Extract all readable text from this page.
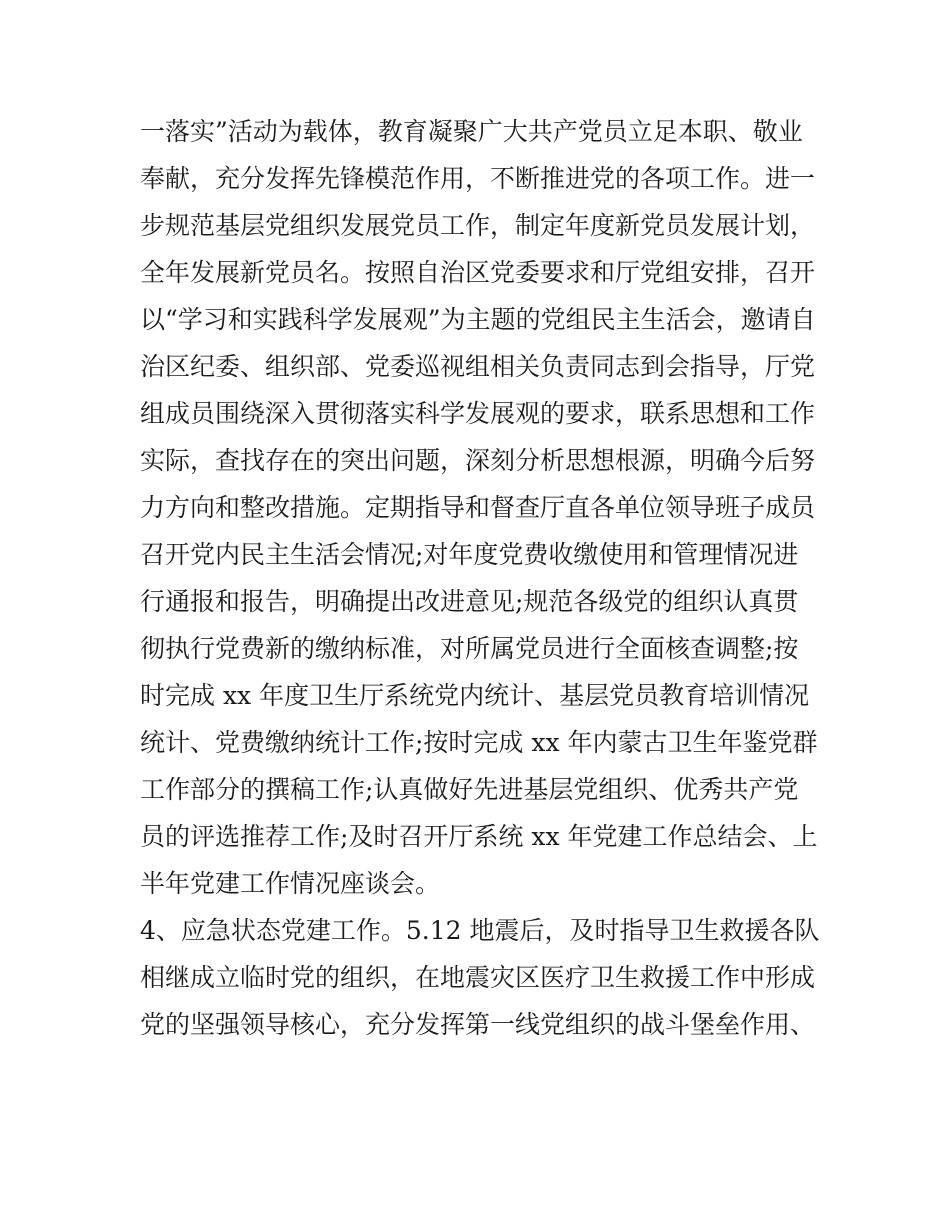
一落实”活动为载体，教育凝聚广大共产党员立足本职、敬业
奉献，充分发挥先锋模范作用，不断推进党的各项工作。进一
步规范基层党组织发展党员工作，制定年度新党员发展计划，
全年发展新党员名。按照自治区党委要求和厅党组安排，召开
以“学习和实践科学发展观”为主题的党组民主生活会，邀请自
治区纪委、组织部、党委巡视组相关负责同志到会指导，厅党
组成员围绕深入贯彻落实科学发展观的要求，联系思想和工作
实际，查找存在的突出问题，深刻分析思想根源，明确今后努
力方向和整改措施。定期指导和督查厅直各单位领导班子成员
召开党内民主生活会情况;对年度党费收缴使用和管理情况进
行通报和报告，明确提出改进意见;规范各级党的组织认真贯
彻执行党费新的缴纳标准，对所属党员进行全面核查调整;按
时完成 xx 年度卫生厅系统党内统计、基层党员教育培训情况
统计、党费缴纳统计工作;按时完成 xx 年内蒙古卫生年鉴党群
工作部分的撰稿工作;认真做好先进基层党组织、优秀共产党
员的评选推荐工作;及时召开厅系统 xx 年党建工作总结会、上
半年党建工作情况座谈会。
4、应急状态党建工作。5.12 地震后，及时指导卫生救援各队
相继成立临时党的组织，在地震灾区医疗卫生救援工作中形成
党的坚强领导核心，充分发挥第一线党组织的战斗堡垒作用、
